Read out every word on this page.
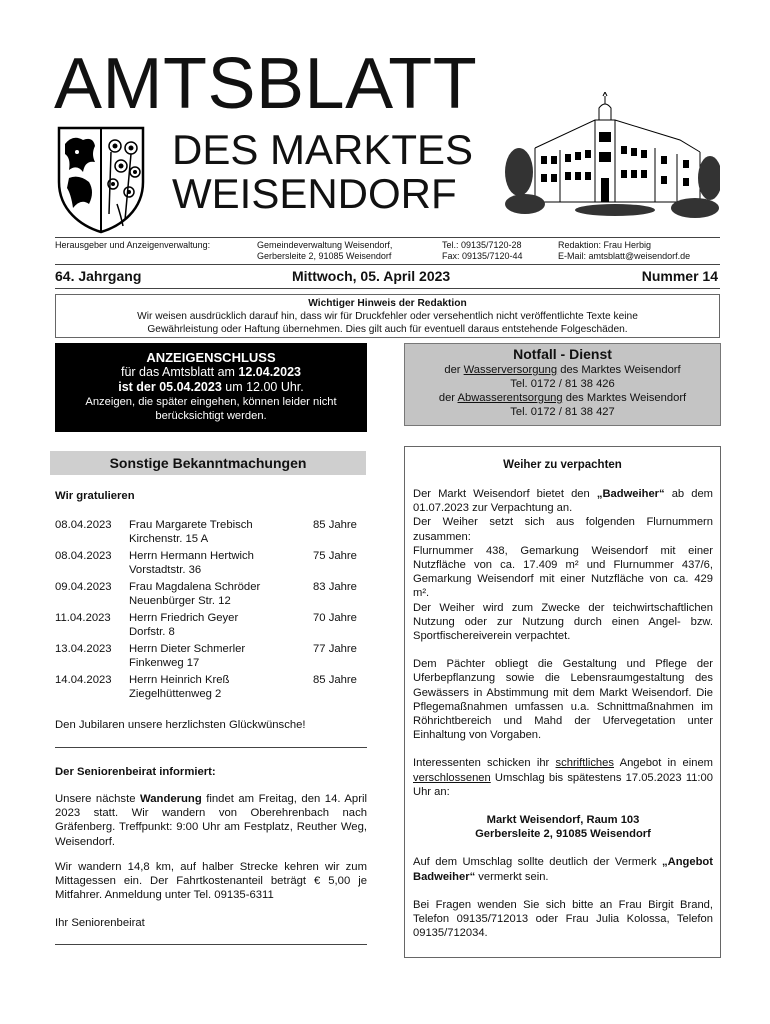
AMTSBLATT
DES MARKTES
WEISENDORF
Herausgeber und Anzeigenverwaltung:	Gemeindeverwaltung Weisendorf,
Gerbersleite 2, 91085 Weisendorf
Tel.: 09135/7120-28
Fax: 09135/7120-44
Redaktion: Frau Herbig
E-Mail: amtsblatt@weisendorf.de
64. Jahrgang	Mittwoch, 05. April 2023	Nummer 14
Wichtiger Hinweis der Redaktion
Wir weisen ausdrücklich darauf hin, dass wir für Druckfehler oder versehentlich nicht veröffentlichte Texte keine
Gewährleistung oder Haftung übernehmen. Dies gilt auch für eventuell daraus entstehende Folgeschäden.
ANZEIGENSCHLUSS
für das Amtsblatt am 12.04.2023
ist der 05.04.2023 um 12.00 Uhr.
Anzeigen, die später eingehen, können leider nicht
berücksichtigt werden.
Notfall - Dienst
der Wasserversorgung des Marktes Weisendorf
Tel. 0172 / 81 38 426
der Abwasserentsorgung des Marktes Weisendorf
Tel. 0172 / 81 38 427
Sonstige Bekanntmachungen
Wir gratulieren
08.04.2023 Frau Margarete Trebisch	85 Jahre
Kirchenstr. 15 A
08.04.2023 Herrn Hermann Hertwich	75 Jahre
Vorstadtstr. 36
09.04.2023 Frau Magdalena Schröder	83 Jahre
Neuenbürger Str. 12
11.04.2023 Herrn Friedrich Geyer	70 Jahre
Dorfstr. 8
13.04.2023 Herrn Dieter Schmerler	77 Jahre
Finkenweg 17
14.04.2023 Herrn Heinrich Kreß	85 Jahre
Ziegelhüttenweg 2
Den Jubilaren unsere herzlichsten Glückwünsche!
Der Seniorenbeirat informiert:
Unsere nächste Wanderung findet am Freitag, den 14. April 2023 statt. Wir wandern von Oberehrenbach nach Gräfenberg. Treffpunkt: 9:00 Uhr am Festplatz, Reuther Weg, Weisendorf.
Wir wandern 14,8 km, auf halber Strecke kehren wir zum Mittagessen ein. Der Fahrtkostenanteil beträgt € 5,00 je Mitfahrer. Anmeldung unter Tel. 09135-6311
Ihr Seniorenbeirat
Weiher zu verpachten

Der Markt Weisendorf bietet den „Badweiher“ ab dem 01.07.2023 zur Verpachtung an.

Der Weiher setzt sich aus folgenden Flurnummern zusammen:

Flurnummer 438, Gemarkung Weisendorf mit einer Nutzfläche von ca. 17.409 m² und Flurnummer 437/6, Gemarkung Weisendorf mit einer Nutzfläche von ca. 429 m².

Der Weiher wird zum Zwecke der teichwirtschaftlichen Nutzung oder zur Nutzung durch einen Angel- bzw. Sportfischereiverein verpachtet.

Dem Pächter obliegt die Gestaltung und Pflege der Uferbepflanzung sowie die Lebensraumgestaltung des Gewässers in Abstimmung mit dem Markt Weisendorf. Die Pflegemaßnahmen umfassen u.a. Schnittmaßnahmen im Röhrichtbereich und Mahd der Ufervegetation unter Einhaltung von Vorgaben.

Interessenten schicken ihr schriftliches Angebot in einem verschlossenen Umschlag bis spätestens 17.05.2023 11:00 Uhr an:

Markt Weisendorf, Raum 103

Gerbersleite 2, 91085 Weisendorf

Auf dem Umschlag sollte deutlich der Vermerk „Angebot Badweiher“ vermerkt sein.

Bei Fragen wenden Sie sich bitte an Frau Birgit Brand, Telefon 09135/712013 oder Frau Julia Kolossa, Telefon 09135/712034.
